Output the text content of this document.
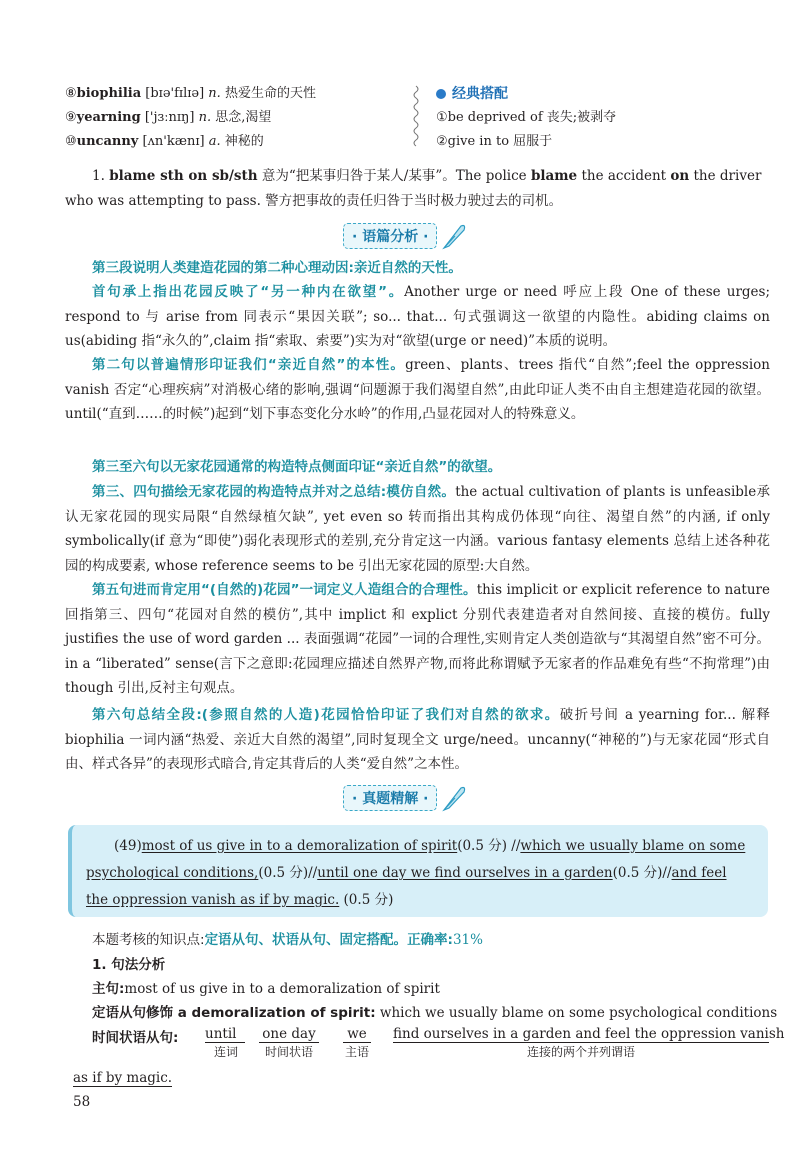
⑧biophilia [bɪə'fɪlɪə] n. 热爱生命的天性
⑨yearning ['jɜːnɪŋ] n. 思念,渴望
⑩uncanny [ʌn'kænɪ] a. 神秘的
经典搭配
①be deprived of 丧失;被剥夺
②give in to 屈服于
1. blame sth on sb/sth 意为“把某事归咎于某人/某事”。The police blame the accident on the driver
who was attempting to pass. 警方把事故的责任归咎于当时极力驶过去的司机。
· 语篇分析 ·
第三段说明人类建造花园的第二种心理动因:亲近自然的天性。
首句承上指出花园反映了“另一种内在欲望”。Another urge or need 呼应上段 One of these urges; respond to 与 arise from 同表示“果因关联”; so... that... 句式强调这一欲望的内隐性。abiding claims on us(abiding 指“永久的”,claim 指“索取、索要”)实为对“欲望(urge or need)”本质的说明。
第二句以普遍情形印证我们“亲近自然”的本性。green、plants、trees 指代“自然”;feel the oppression vanish 否定“心理疾病”对消极心绪的影响,强调“问题源于我们渴望自然”,由此印证人类不由自主想建造花园的欲望。until(“直到……的时候”)起到“划下事态变化分水岭”的作用,凸显花园对人的特殊意义。
第三至六句以无家花园通常的构造特点侧面印证“亲近自然”的欲望。
第三、四句描绘无家花园的构造特点并对之总结:模仿自然。the actual cultivation of plants is unfeasible承认无家花园的现实局限“自然绿植欠缺”, yet even so 转而指出其构成仍体现“向往、渴望自然”的内涵, if only symbolically(if 意为“即使”)弱化表现形式的差别,充分肯定这一内涵。various fantasy elements 总结上述各种花园的构成要素, whose reference seems to be 引出无家花园的原型:大自然。
第五句进而肯定用“(自然的)花园”一词定义人造组合的合理性。this implicit or explicit reference to nature 回指第三、四句“花园对自然的模仿”,其中 implict 和 explict 分别代表建造者对自然间接、直接的模仿。fully justifies the use of word garden ... 表面强调“花园”一词的合理性,实则肯定人类创造欲与“其渴望自然”密不可分。in a “liberated” sense(言下之意即:花园理应描述自然界产物,而将此称谓赋予无家者的作品难免有些“不拘常理”)由 though 引出,反衬主句观点。
第六句总结全段:(参照自然的人造)花园恰恰印证了我们对自然的欲求。破折号间 a yearning for... 解释 biophilia 一词内涵“热爱、亲近大自然的渴望”,同时复现全文 urge/need。uncanny(“神秘的”)与无家花园“形式自由、样式各异”的表现形式暗合,肯定其背后的人类“爱自然”之本性。
· 真题精解 ·
(49)most of us give in to a demoralization of spirit(0.5 分) //which we usually blame on some
psychological conditions,(0.5 分)//until one day we find ourselves in a garden(0.5 分)//and feel
the oppression vanish as if by magic. (0.5 分)
本题考核的知识点:定语从句、状语从句、固定搭配。正确率:31%
1. 句法分析
主句:most of us give in to a demoralization of spirit
定语从句修饰 a demoralization of spirit: which we usually blame on some psychological conditions
时间状语从句: until
连词
one day
时间状语
we
主语
find ourselves in a garden and feel the oppression vanish
连接的两个并列谓语
as if by magic.
58
